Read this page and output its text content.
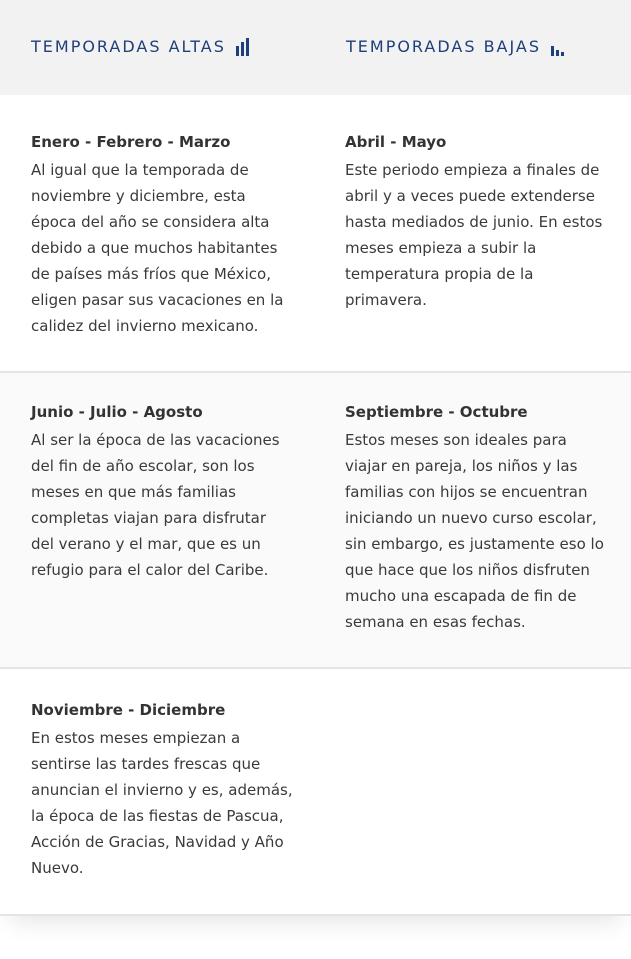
TEMPORADAS ALTAS	TEMPORADAS BAJAS
Enero - Febrero - Marzo

Al igual que la temporada de noviembre y diciembre, esta época del año se considera alta debido a que muchos habitantes de países más fríos que México, eligen pasar sus vacaciones en la calidez del invierno mexicano.

Abril - Mayo

Este periodo empieza a finales de abril y a veces puede extenderse hasta mediados de junio. En estos meses empieza a subir la temperatura propia de la primavera.

Junio - Julio - Agosto

Al ser la época de las vacaciones del fin de año escolar, son los meses en que más familias completas viajan para disfrutar del verano y el mar, que es un refugio para el calor del Caribe.

Septiembre - Octubre

Estos meses son ideales para viajar en pareja, los niños y las familias con hijos se encuentran iniciando un nuevo curso escolar, sin embargo, es justamente eso lo que hace que los niños disfruten mucho una escapada de fin de semana en esas fechas.

Noviembre - Diciembre

En estos meses empiezan a sentirse las tardes frescas que anuncian el invierno y es, además, la época de las fiestas de Pascua, Acción de Gracias, Navidad y Año Nuevo.
